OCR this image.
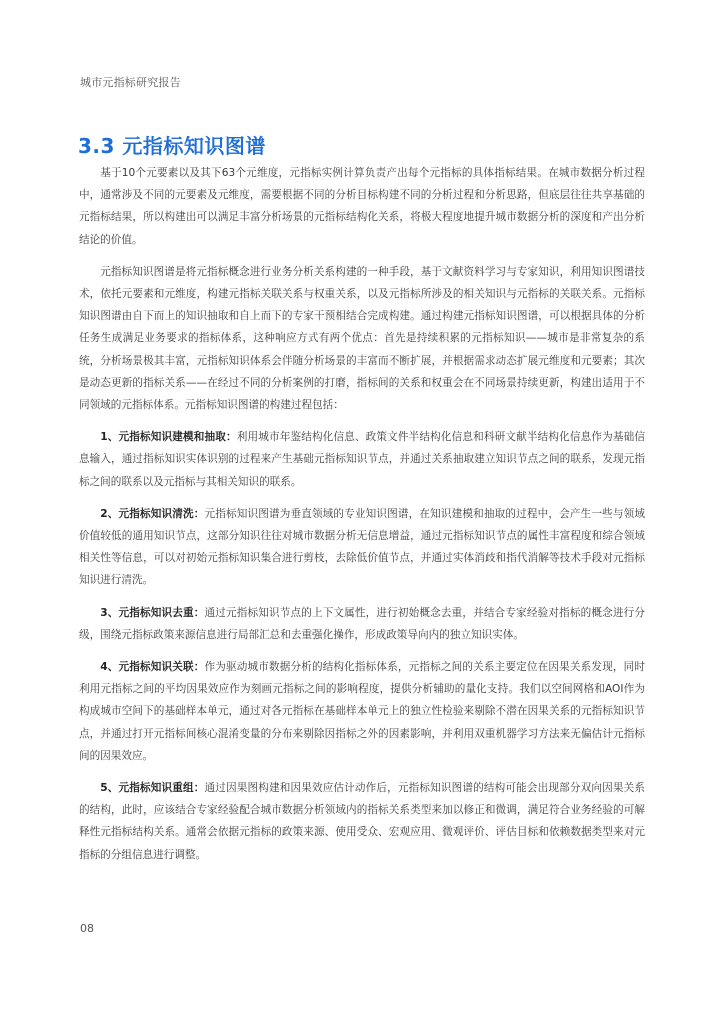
城市元指标研究报告
3.3 元指标知识图谱

基于10个元要素以及其下63个元维度，元指标实例计算负责产出每个元指标的具体指标结果。在城市数据分析过程中，通常涉及不同的元要素及元维度，需要根据不同的分析目标构建不同的分析过程和分析思路，但底层往往共享基础的元指标结果，所以构建出可以满足丰富分析场景的元指标结构化关系，将极大程度地提升城市数据分析的深度和产出分析结论的价值。

元指标知识图谱是将元指标概念进行业务分析关系构建的一种手段，基于文献资料学习与专家知识，利用知识图谱技术，依托元要素和元维度，构建元指标关联关系与权重关系，以及元指标所涉及的相关知识与元指标的关联关系。元指标知识图谱由自下而上的知识抽取和自上而下的专家干预相结合完成构建。通过构建元指标知识图谱，可以根据具体的分析任务生成满足业务要求的指标体系，这种响应方式有两个优点：首先是持续积累的元指标知识——城市是非常复杂的系统，分析场景极其丰富，元指标知识体系会伴随分析场景的丰富而不断扩展，并根据需求动态扩展元维度和元要素；其次是动态更新的指标关系——在经过不同的分析案例的打磨，指标间的关系和权重会在不同场景持续更新，构建出适用于不同领域的元指标体系。元指标知识图谱的构建过程包括：

1、元指标知识建模和抽取：利用城市年鉴结构化信息、政策文件半结构化信息和科研文献半结构化信息作为基础信息输入，通过指标知识实体识别的过程来产生基础元指标知识节点，并通过关系抽取建立知识节点之间的联系，发现元指标之间的联系以及元指标与其相关知识的联系。

2、元指标知识清洗：元指标知识图谱为垂直领域的专业知识图谱，在知识建模和抽取的过程中，会产生一些与领域价值较低的通用知识节点，这部分知识往往对城市数据分析无信息增益，通过元指标知识节点的属性丰富程度和综合领域相关性等信息，可以对初始元指标知识集合进行剪枝，去除低价值节点，并通过实体消歧和指代消解等技术手段对元指标知识进行清洗。

3、元指标知识去重：通过元指标知识节点的上下文属性，进行初始概念去重，并结合专家经验对指标的概念进行分级，围绕元指标政策来源信息进行局部汇总和去重强化操作，形成政策导向内的独立知识实体。

4、元指标知识关联：作为驱动城市数据分析的结构化指标体系，元指标之间的关系主要定位在因果关系发现，同时利用元指标之间的平均因果效应作为刻画元指标之间的影响程度，提供分析辅助的量化支持。我们以空间网格和AOI作为构成城市空间下的基础样本单元，通过对各元指标在基础样本单元上的独立性检验来剔除不潜在因果关系的元指标知识节点，并通过打开元指标间核心混淆变量的分布来剔除因指标之外的因素影响，并利用双重机器学习方法来无偏估计元指标间的因果效应。

5、元指标知识重组：通过因果图构建和因果效应估计动作后，元指标知识图谱的结构可能会出现部分双向因果关系的结构，此时，应该结合专家经验配合城市数据分析领域内的指标关系类型来加以修正和微调，满足符合业务经验的可解释性元指标结构关系。通常会依据元指标的政策来源、使用受众、宏观应用、微观评价、评估目标和依赖数据类型来对元指标的分组信息进行调整。

08
